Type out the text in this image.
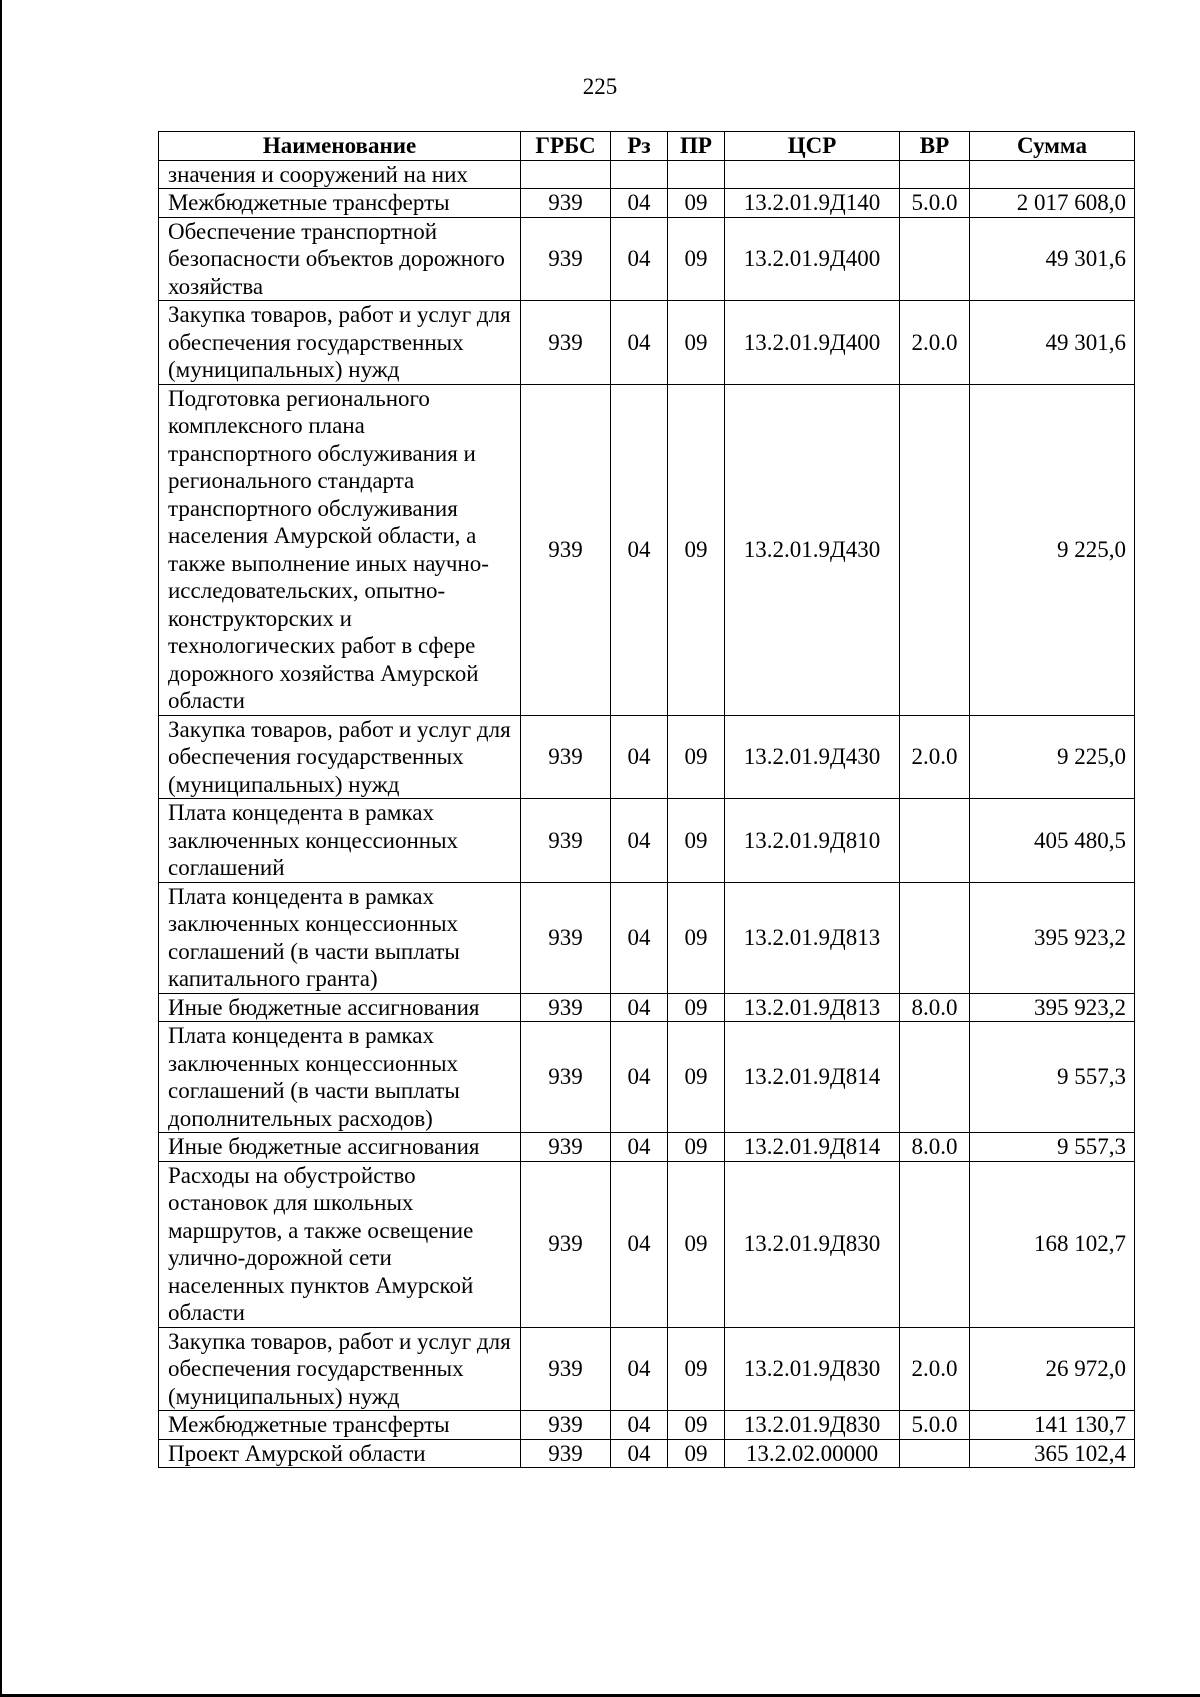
225
Наименование	ГРБС	Рз	ПР	ЦСР	ВР	Сумма
значения и сооружений на них						
Межбюджетные трансферты	939	04	09	13.2.01.9Д140	5.0.0	2 017 608,0
Обеспечение транспортной безопасности объектов дорожного хозяйства	939	04	09	13.2.01.9Д400		49 301,6
Закупка товаров, работ и услуг для обеспечения государственных (муниципальных) нужд	939	04	09	13.2.01.9Д400	2.0.0	49 301,6
Подготовка регионального комплексного плана транспортного обслуживания и регионального стандарта транспортного обслуживания населения Амурской области, а также выполнение иных научно-исследовательских, опытно-конструкторских и технологических работ в сфере дорожного хозяйства Амурской области	939	04	09	13.2.01.9Д430		9 225,0
Закупка товаров, работ и услуг для обеспечения государственных (муниципальных) нужд	939	04	09	13.2.01.9Д430	2.0.0	9 225,0
Плата концедента в рамках заключенных концессионных соглашений	939	04	09	13.2.01.9Д810		405 480,5
Плата концедента в рамках заключенных концессионных соглашений (в части выплаты капитального гранта)	939	04	09	13.2.01.9Д813		395 923,2
Иные бюджетные ассигнования	939	04	09	13.2.01.9Д813	8.0.0	395 923,2
Плата концедента в рамках заключенных концессионных соглашений (в части выплаты дополнительных расходов)	939	04	09	13.2.01.9Д814		9 557,3
Иные бюджетные ассигнования	939	04	09	13.2.01.9Д814	8.0.0	9 557,3
Расходы на обустройство остановок для школьных маршрутов, а также освещение улично-дорожной сети населенных пунктов Амурской области	939	04	09	13.2.01.9Д830		168 102,7
Закупка товаров, работ и услуг для обеспечения государственных (муниципальных) нужд	939	04	09	13.2.01.9Д830	2.0.0	26 972,0
Межбюджетные трансферты	939	04	09	13.2.01.9Д830	5.0.0	141 130,7
Проект Амурской области	939	04	09	13.2.02.00000		365 102,4
